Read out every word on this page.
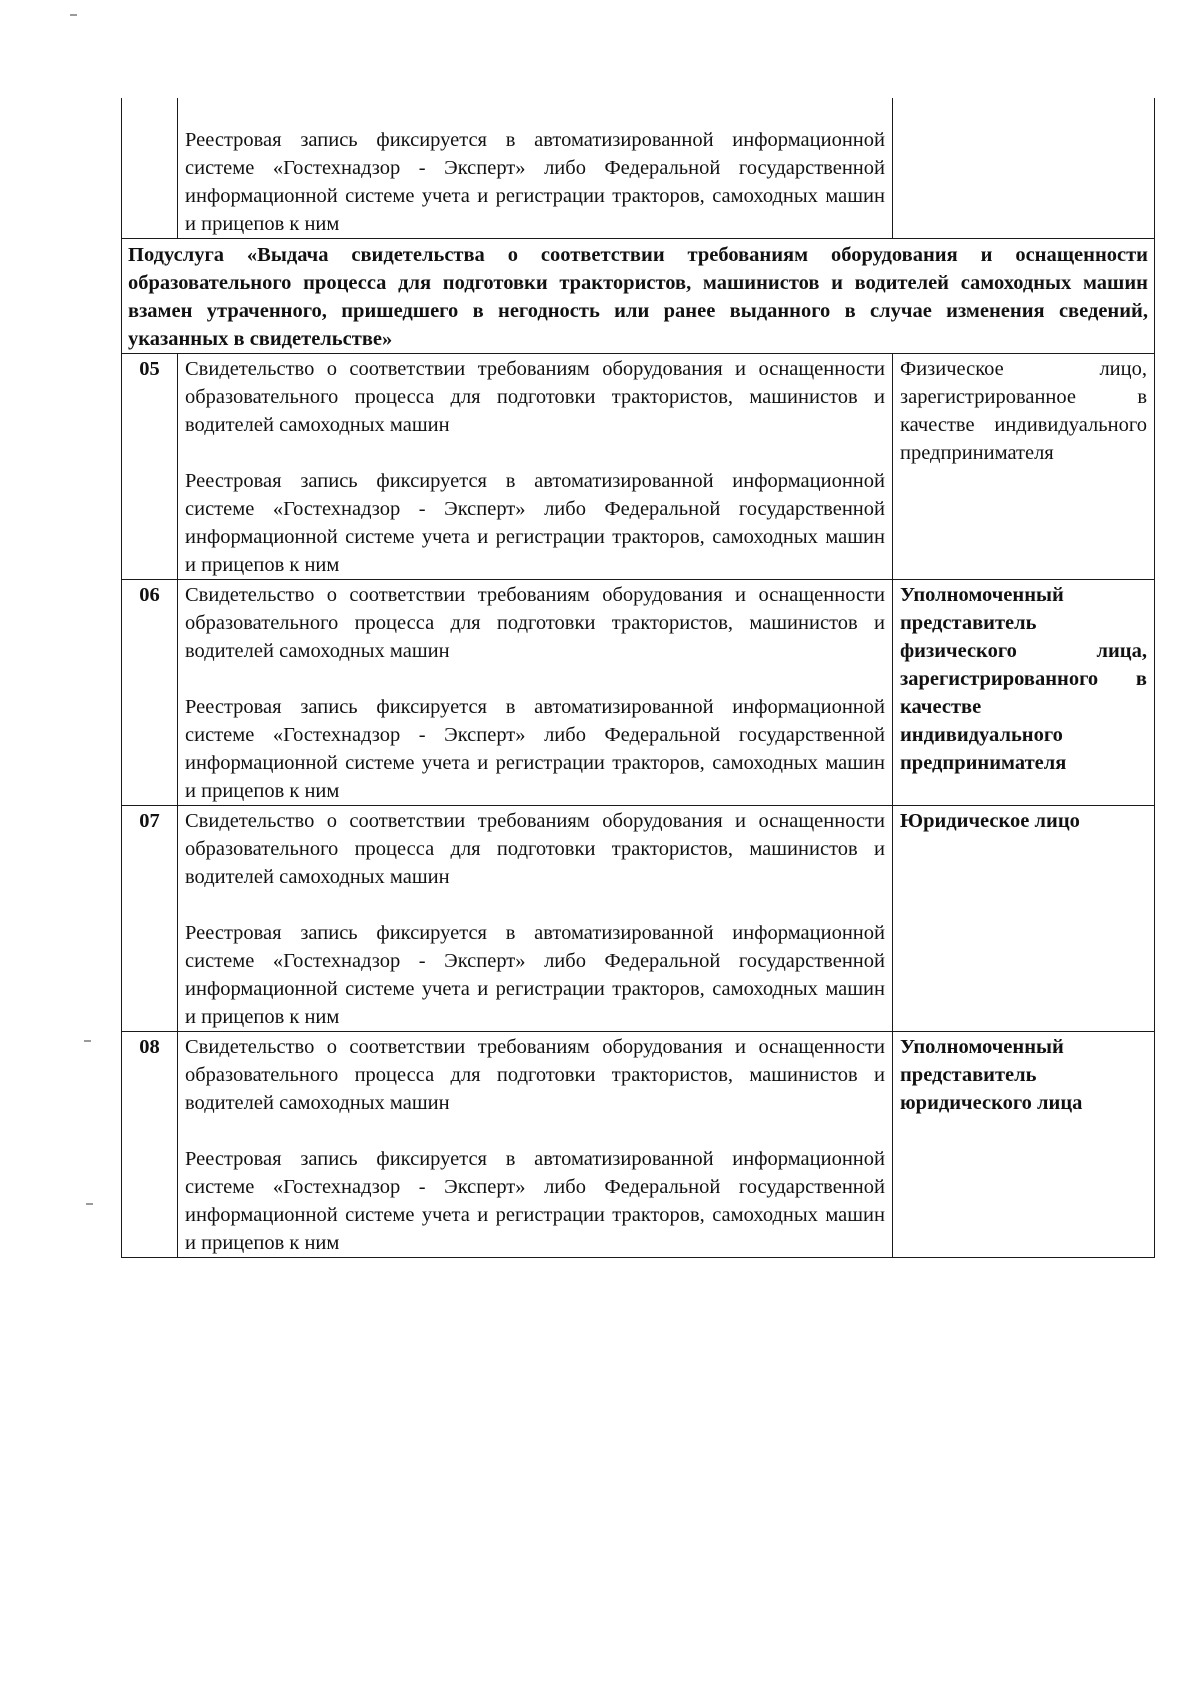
	Реестровая запись фиксируется в автоматизированной информационной системе «Гостехнадзор - Эксперт» либо Федеральной государственной информационной системе учета и регистрации тракторов, самоходных машин и прицепов к ним	

Подуслуга «Выдача свидетельства о соответствии требованиям оборудования и оснащенности образовательного процесса для подготовки трактористов, машинистов и водителей самоходных машин взамен утраченного, пришедшего в негодность или ранее выданного в случае изменения сведений, указанных в свидетельстве»		
05	Свидетельство о соответствии требованиям оборудования и оснащенности образовательного процесса для подготовки трактористов, машинистов и водителей самоходных машин

Реестровая запись фиксируется в автоматизированной информационной системе «Гостехнадзор - Эксперт» либо Федеральной государственной информационной системе учета и регистрации тракторов, самоходных машин и прицепов к ним	Физическое лицо, зарегистрированное в качестве индивидуального предпринимателя

06	Свидетельство о соответствии требованиям оборудования и оснащенности образовательного процесса для подготовки трактористов, машинистов и водителей самоходных машин

Реестровая запись фиксируется в автоматизированной информационной системе «Гостехнадзор - Эксперт» либо Федеральной государственной информационной системе учета и регистрации тракторов, самоходных машин и прицепов к ним	Уполномоченный представитель физического лица, зарегистрированного в качестве индивидуального предпринимателя

07	Свидетельство о соответствии требованиям оборудования и оснащенности образовательного процесса для подготовки трактористов, машинистов и водителей самоходных машин

Реестровая запись фиксируется в автоматизированной информационной системе «Гостехнадзор - Эксперт» либо Федеральной государственной информационной системе учета и регистрации тракторов, самоходных машин и прицепов к ним	Юридическое лицо

08	Свидетельство о соответствии требованиям оборудования и оснащенности образовательного процесса для подготовки трактористов, машинистов и водителей самоходных машин

Реестровая запись фиксируется в автоматизированной информационной системе «Гостехнадзор - Эксперт» либо Федеральной государственной информационной системе учета и регистрации тракторов, самоходных машин и прицепов к ним	Уполномоченный представитель юридического лица
